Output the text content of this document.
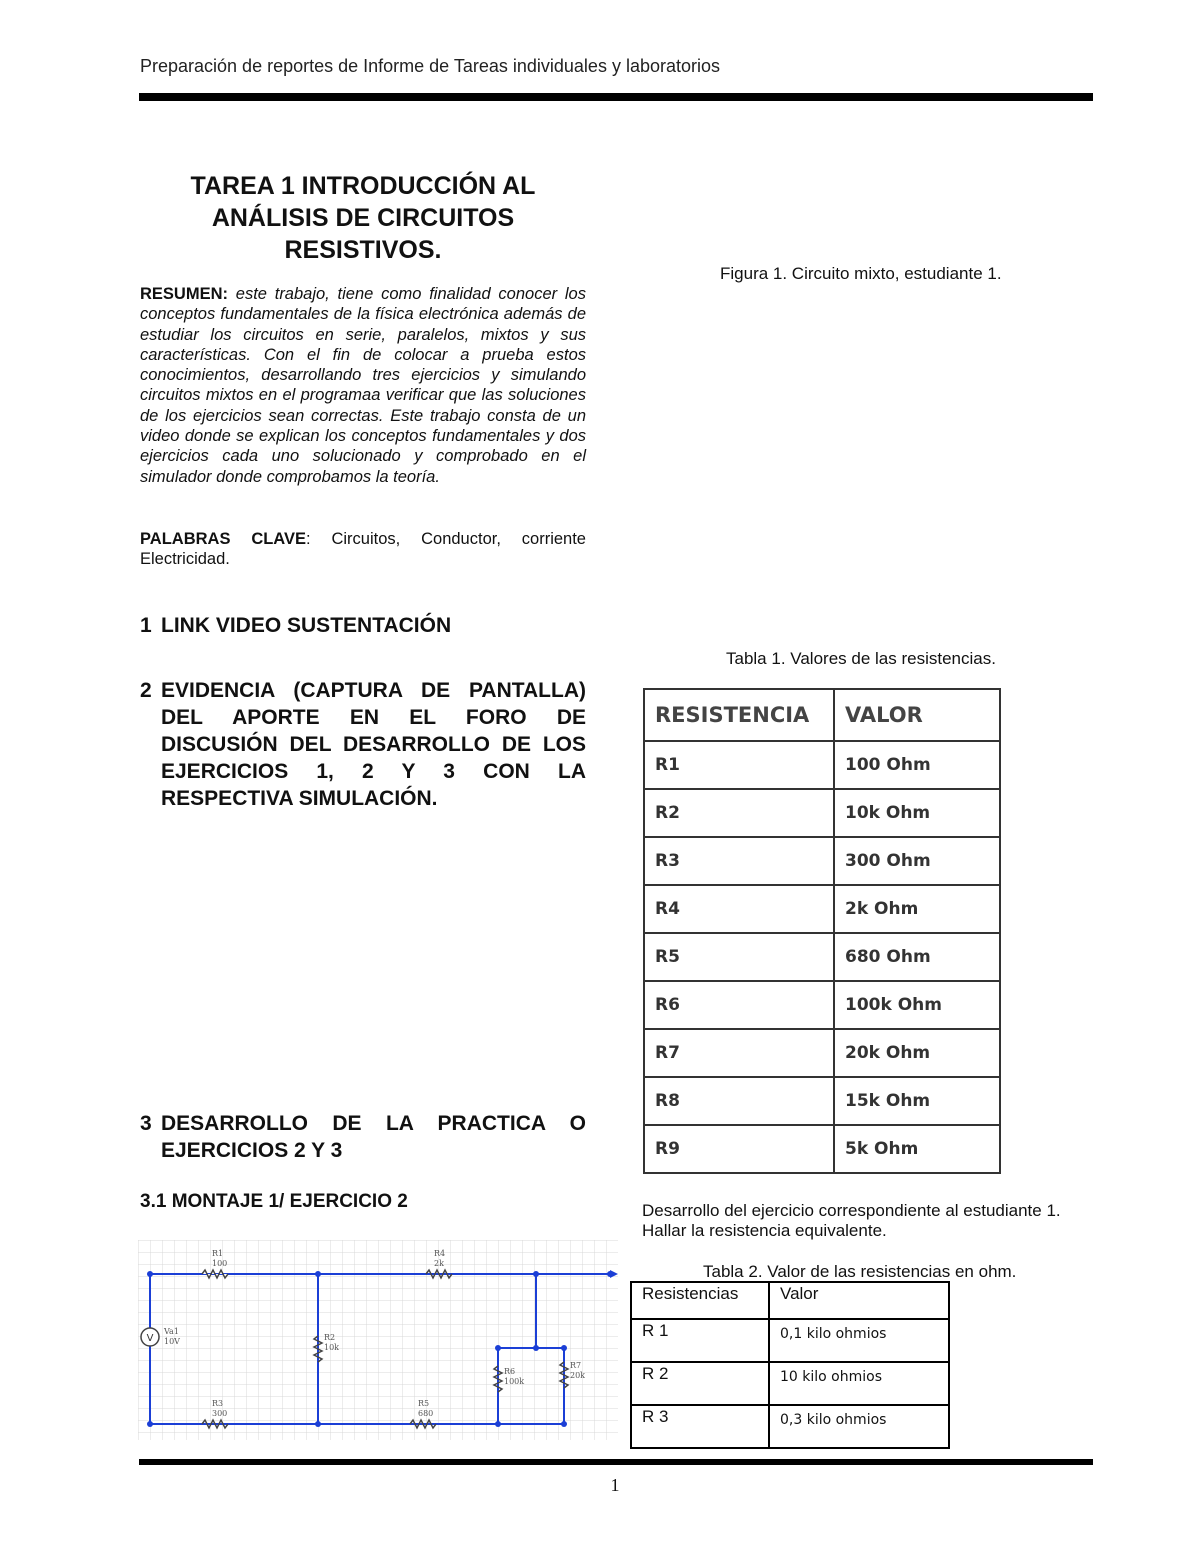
Preparación de reportes de Informe de Tareas individuales y laboratorios
TAREA 1 INTRODUCCIÓN AL ANÁLISIS DE CIRCUITOS RESISTIVOS.
RESUMEN: este trabajo, tiene como finalidad conocer los conceptos fundamentales de la física electrónica además de estudiar los circuitos en serie, paralelos, mixtos y sus características. Con el fin de colocar a prueba estos conocimientos, desarrollando tres ejercicios y simulando circuitos mixtos en el programaa verificar que las soluciones de los ejercicios sean correctas. Este trabajo consta de un video donde se explican los conceptos fundamentales y dos ejercicios cada uno solucionado y comprobado en el simulador donde comprobamos la teoría.
PALABRAS CLAVE: Circuitos, Conductor, corriente Electricidad.
1 LINK VIDEO SUSTENTACIÓN
2 EVIDENCIA (CAPTURA DE PANTALLA) DEL APORTE EN EL FORO DE DISCUSIÓN DEL DESARROLLO DE LOS EJERCICIOS 1, 2 Y 3 CON LA RESPECTIVA SIMULACIÓN.
3 DESARROLLO DE LA PRACTICA O EJERCICIOS 2 Y 3
3.1 MONTAJE 1/ EJERCICIO 2
V
R1
100
R4
2k
R2
10k
R6
100k
R7
20k
R3
300
R5
680
Va1
10V
Figura 1. Circuito mixto, estudiante 1.
Tabla 1. Valores de las resistencias.
RESISTENCIA	VALOR
R1	100 Ohm
R2	10k Ohm
R3	300 Ohm
R4	2k Ohm
R5	680 Ohm
R6	100k Ohm
R7	20k Ohm
R8	15k Ohm
R9	5k Ohm
Desarrollo del ejercicio correspondiente al estudiante 1.
Hallar la resistencia equivalente.
Tabla 2. Valor de las resistencias en ohm.
Resistencias	Valor
R 1	0,1 kilo ohmios
R 2	10 kilo ohmios
R 3	0,3 kilo ohmios
1
